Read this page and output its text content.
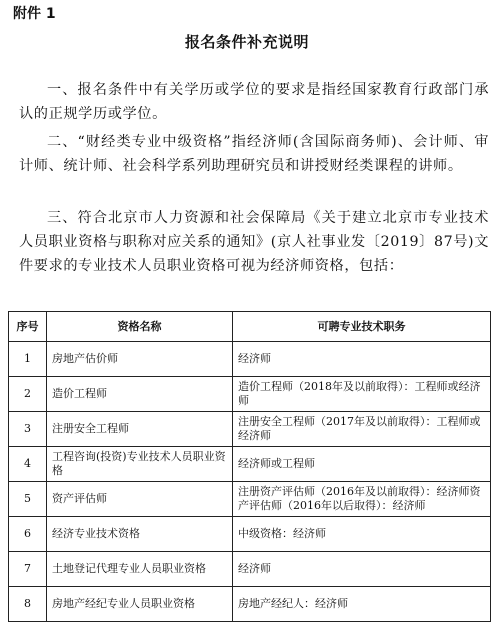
附件 1
报名条件补充说明
一、报名条件中有关学历或学位的要求是指经国家教育行政部门承认的正规学历或学位。
二、“财经类专业中级资格”指经济师(含国际商务师)、会计师、审计师、统计师、社会科学系列助理研究员和讲授财经类课程的讲师。
三、符合北京市人力资源和社会保障局《关于建立北京市专业技术人员职业资格与职称对应关系的通知》(京人社事业发〔2019〕87号)文件要求的专业技术人员职业资格可视为经济师资格，包括：
序号	资格名称	可聘专业技术职务
1	房地产估价师	经济师
2	造价工程师	造价工程师（2018年及以前取得）：工程师或经济师
3	注册安全工程师	注册安全工程师（2017年及以前取得）：工程师或经济师
4	工程咨询(投资)专业技术人员职业资格	经济师或工程师
5	资产评估师	注册资产评估师（2016年及以前取得）：经济师资产评估师（2016年以后取得）：经济师
6	经济专业技术资格	中级资格：经济师
7	土地登记代理专业人员职业资格	经济师
8	房地产经纪专业人员职业资格	房地产经纪人：经济师
